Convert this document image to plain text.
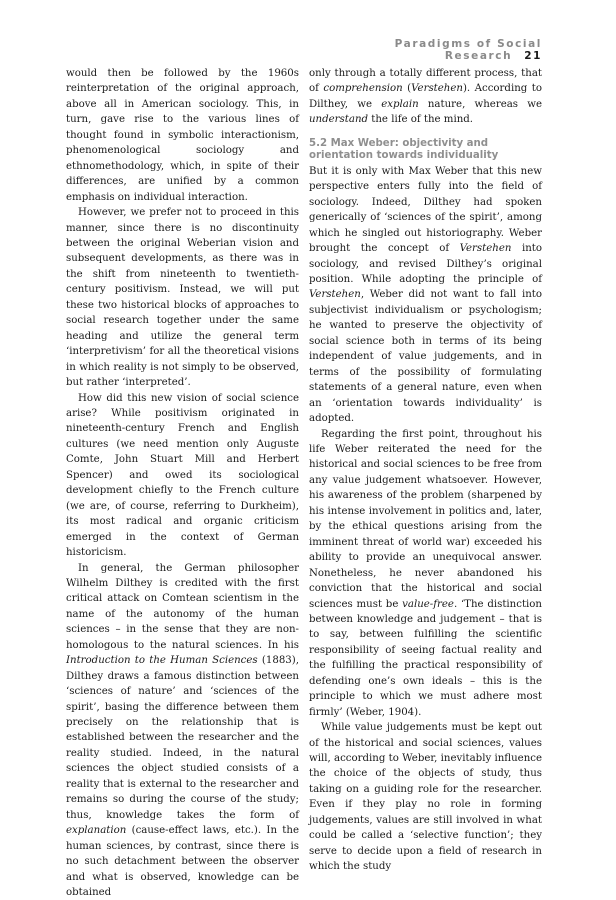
Paradigms of Social Research 21

would then be followed by the 1960s reinterpretation of the original approach, above all in American sociology. This, in turn, gave rise to the various lines of thought found in symbolic interactionism, phenomenological sociology and ethnomethodology, which, in spite of their differences, are unified by a common emphasis on individual interaction.

However, we prefer not to proceed in this manner, since there is no discontinuity between the original Weberian vision and subsequent developments, as there was in the shift from nineteenth to twentieth-century positivism. Instead, we will put these two historical blocks of approaches to social research together under the same heading and utilize the general term ‘interpretivism’ for all the theoretical visions in which reality is not simply to be observed, but rather ‘interpreted’.

How did this new vision of social science arise? While positivism originated in nineteenth-century French and English cultures (we need mention only Auguste Comte, John Stuart Mill and Herbert Spencer) and owed its sociological development chiefly to the French culture (we are, of course, referring to Durkheim), its most radical and organic criticism emerged in the context of German historicism.

In general, the German philosopher Wilhelm Dilthey is credited with the first critical attack on Comtean scientism in the name of the autonomy of the human sciences – in the sense that they are non-homologous to the natural sciences. In his Introduction to the Human Sciences (1883), Dilthey draws a famous distinction between ‘sciences of nature’ and ‘sciences of the spirit’, basing the difference between them precisely on the relationship that is established between the researcher and the reality studied. Indeed, in the natural sciences the object studied consists of a reality that is external to the researcher and remains so during the course of the study; thus, knowledge takes the form of explanation (cause-effect laws, etc.). In the human sciences, by contrast, since there is no such detachment between the observer and what is observed, knowledge can be obtained

only through a totally different process, that of comprehension (Verstehen). According to Dilthey, we explain nature, whereas we understand the life of the mind.

5.2 Max Weber: objectivity and
orientation towards individuality

But it is only with Max Weber that this new perspective enters fully into the field of sociology. Indeed, Dilthey had spoken generically of ‘sciences of the spirit’, among which he singled out historiography. Weber brought the concept of Verstehen into sociology, and revised Dilthey’s original position. While adopting the principle of Verstehen, Weber did not want to fall into subjectivist individualism or psychologism; he wanted to preserve the objectivity of social science both in terms of its being independent of value judgements, and in terms of the possibility of formulating statements of a general nature, even when an ‘orientation towards individuality’ is adopted.

Regarding the first point, throughout his life Weber reiterated the need for the historical and social sciences to be free from any value judgement whatsoever. However, his awareness of the problem (sharpened by his intense involvement in politics and, later, by the ethical questions arising from the imminent threat of world war) exceeded his ability to provide an unequivocal answer. Nonetheless, he never abandoned his conviction that the historical and social sciences must be value-free. ‘The distinction between knowledge and judgement – that is to say, between fulfilling the scientific responsibility of seeing factual reality and the fulfilling the practical responsibility of defending one’s own ideals – this is the principle to which we must adhere most firmly’ (Weber, 1904).

While value judgements must be kept out of the historical and social sciences, values will, according to Weber, inevitably influence the choice of the objects of study, thus taking on a guiding role for the researcher. Even if they play no role in forming judgements, values are still involved in what could be called a ‘selective function’; they serve to decide upon a field of research in which the study
